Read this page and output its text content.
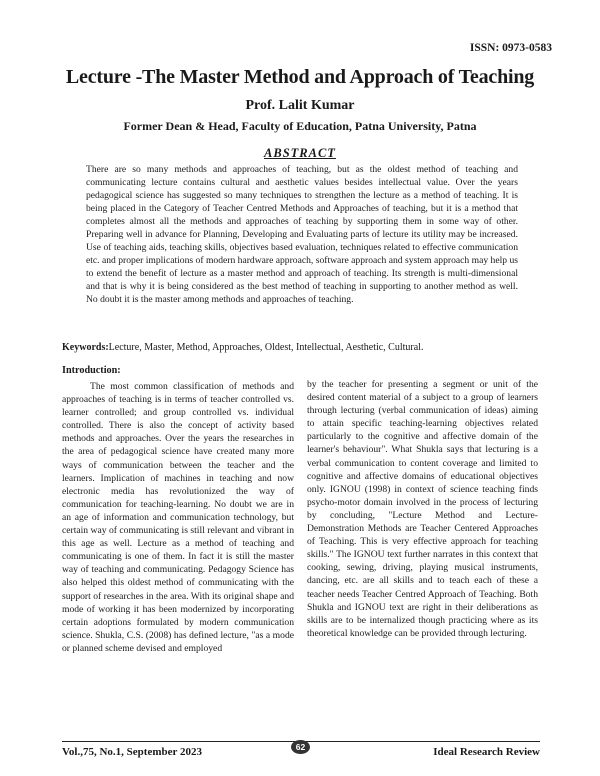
ISSN: 0973-0583
Lecture -The Master Method and Approach of Teaching
Prof. Lalit Kumar
Former Dean & Head, Faculty of Education, Patna University, Patna
ABSTRACT

There are so many methods and approaches of teaching, but as the oldest method of teaching and communicating lecture contains cultural and aesthetic values besides intellectual value. Over the years pedagogical science has suggested so many techniques to strengthen the lecture as a method of teaching. It is being placed in the Category of Teacher Centred Methods and Approaches of teaching, but it is a method that completes almost all the methods and approaches of teaching by supporting them in some way of other. Preparing well in advance for Planning, Developing and Evaluating parts of lecture its utility may be increased. Use of teaching aids, teaching skills, objectives based evaluation, techniques related to effective communication etc. and proper implications of modern hardware approach, software approach and system approach may help us to extend the benefit of lecture as a master method and approach of teaching. Its strength is multi-dimensional and that is why it is being considered as the best method of teaching in supporting to another method as well. No doubt it is the master among methods and approaches of teaching.

Keywords:Lecture, Master, Method, Approaches, Oldest, Intellectual, Aesthetic, Cultural.
Introduction:

The most common classification of methods and approaches of teaching is in terms of teacher controlled vs. learner controlled; and group controlled vs. individual controlled. There is also the concept of activity based methods and approaches. Over the years the researches in the area of pedagogical science have created many more ways of communication between the teacher and the learners. Implication of machines in teaching and now electronic media has revolutionized the way of communication for teaching-learning. No doubt we are in an age of information and communication technology, but certain way of communicating is still relevant and vibrant in this age as well. Lecture as a method of teaching and communicating is one of them. In fact it is still the master way of teaching and communicating. Pedagogy Science has also helped this oldest method of communicating with the support of researches in the area. With its original shape and mode of working it has been modernized by incorporating certain adoptions formulated by modern communication science. Shukla, C.S. (2008) has defined lecture, "as a mode or planned scheme devised and employed

by the teacher for presenting a segment or unit of the desired content material of a subject to a group of learners through lecturing (verbal communication of ideas) aiming to attain specific teaching-learning objectives related particularly to the cognitive and affective domain of the learner's behaviour". What Shukla says that lecturing is a verbal communication to content coverage and limited to cognitive and affective domains of educational objectives only. IGNOU (1998) in context of science teaching finds psycho-motor domain involved in the process of lecturing by concluding, "Lecture Method and Lecture-Demonstration Methods are Teacher Centered Approaches of Teaching. This is very effective approach for teaching skills." The IGNOU text further narrates in this context that cooking, sewing, driving, playing musical instruments, dancing, etc. are all skills and to teach each of these a teacher needs Teacher Centred Approach of Teaching. Both Shukla and IGNOU text are right in their deliberations as skills are to be internalized though practicing where as its theoretical knowledge can be provided through lecturing.

Vol.,75, No.1, September 2023	62	Ideal Research Review
